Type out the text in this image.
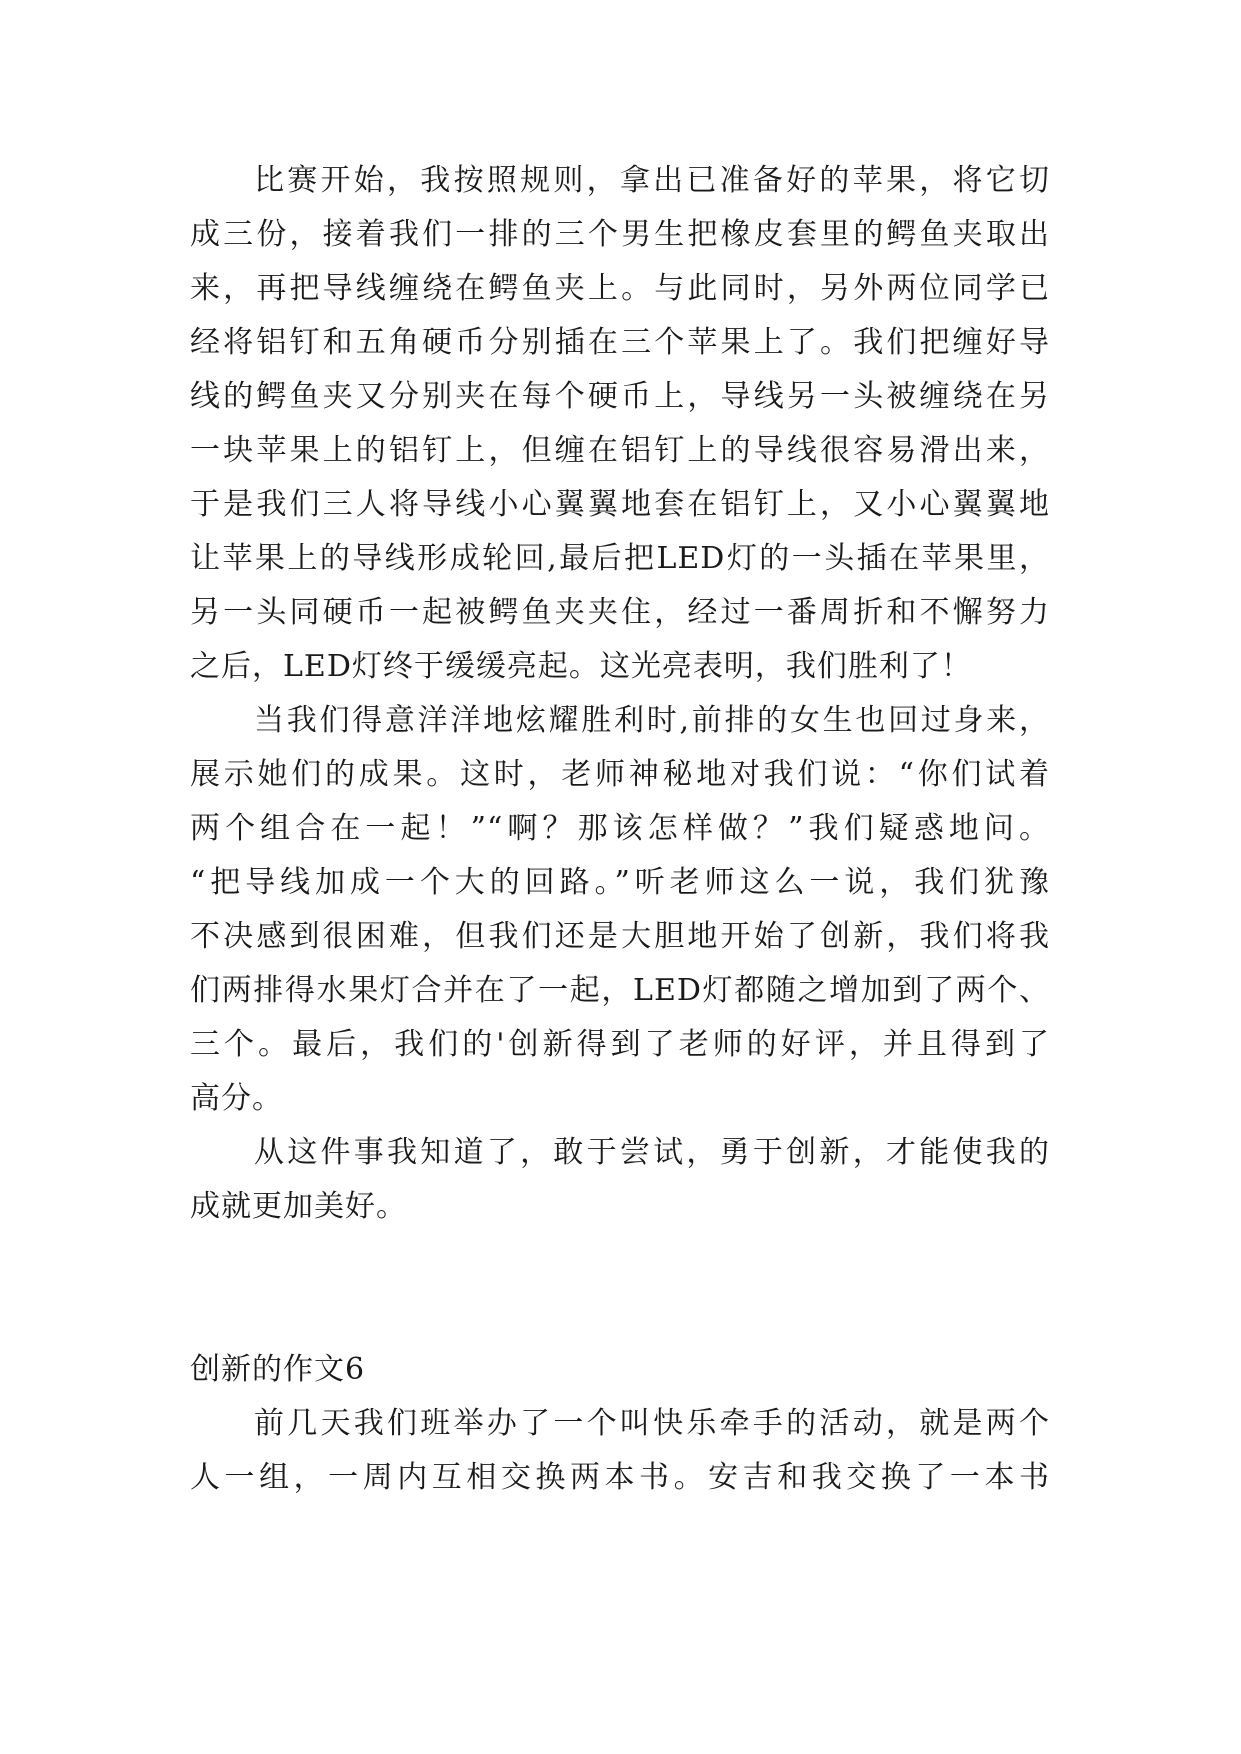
比赛开始，我按照规则，拿出已准备好的苹果，将它切
成三份，接着我们一排的三个男生把橡皮套里的鳄鱼夹取出
来，再把导线缠绕在鳄鱼夹上。与此同时，另外两位同学已
经将铝钉和五角硬币分别插在三个苹果上了。我们把缠好导
线的鳄鱼夹又分别夹在每个硬币上，导线另一头被缠绕在另
一块苹果上的铝钉上，但缠在铝钉上的导线很容易滑出来，
于是我们三人将导线小心翼翼地套在铝钉上，又小心翼翼地
让苹果上的导线形成轮回,最后把LED灯的一头插在苹果里，
另一头同硬币一起被鳄鱼夹夹住，经过一番周折和不懈努力
之后，LED灯终于缓缓亮起。这光亮表明，我们胜利了！
当我们得意洋洋地炫耀胜利时,前排的女生也回过身来，
展示她们的成果。这时，老师神秘地对我们说：“你们试着
两个组合在一起！”“啊？那该怎样做？”我们疑惑地问。
“把导线加成一个大的回路。”听老师这么一说，我们犹豫
不决感到很困难，但我们还是大胆地开始了创新，我们将我
们两排得水果灯合并在了一起，LED灯都随之增加到了两个、
三个。最后，我们的'创新得到了老师的好评，并且得到了
高分。
从这件事我知道了，敢于尝试，勇于创新，才能使我的
成就更加美好。
创新的作文6
前几天我们班举办了一个叫快乐牵手的活动，就是两个
人一组，一周内互相交换两本书。安吉和我交换了一本书
